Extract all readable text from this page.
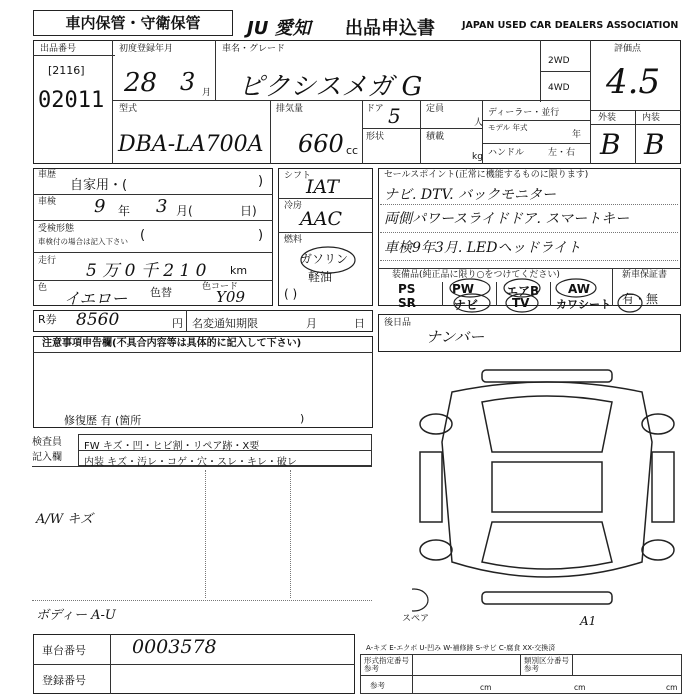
車内保管・守衛保管	JU 愛知 出品申込書	JAPAN USED CAR DEALERS ASSOCIATION
出品番号
[2116]
02011
初度登録年月
28 3 月
車名・グレード
ピクシスメガ G
2WD
4WD
評価点
4.5
外装	内装
B B
型式
DBA-LA700A
排気量
660 cc
ドア 5
形状
定員
人
積載
kg
ディーラー・並行
モデル 年式
年
ハンドル	左・右
車歴
自家用・(	)
車検 9 年 3 月(	日)
受検形態
車検付の場合は記入下さい (	)
走行 5 万 0 千 2 1 0 km
色
イエロー 色替	色コード
Y09
シフト
IAT
冷房
AAC
燃料
ガソリン
軽油
( )
セールスポイント(正常に機能するものに限ります)
ナビ. DTV. バックモニター
両側パワースライドドア. スマートキー
車検9年3月. LEDヘッドライト
装備品(純正品に限り○をつけてください)	新車保証書
有・無
PS	PW	エアB AW
SR	ナビ	TV カワシート
R券 8560	円 名変通知期限	月	日
注意事項申告欄(不具合内容等は具体的に記入して下さい)
修復歴 有 (箇所	)
後日品
ナンバー
検査員
記入欄
FW キズ・凹・ヒビ割・リペア跡・X要
内装 キズ・汚レ・コゲ・穴・スレ・キレ・破レ
A/W キズ
ボディー A-U	スペア	A1
A-キズ E-エクボ U-凹み W-補修跡 S-サビ C-腐食 XX-交換済
形式指定番号 参考
類別区分番号 参考
参考	cm	cm	cm
車台番号 0003578
登録番号
